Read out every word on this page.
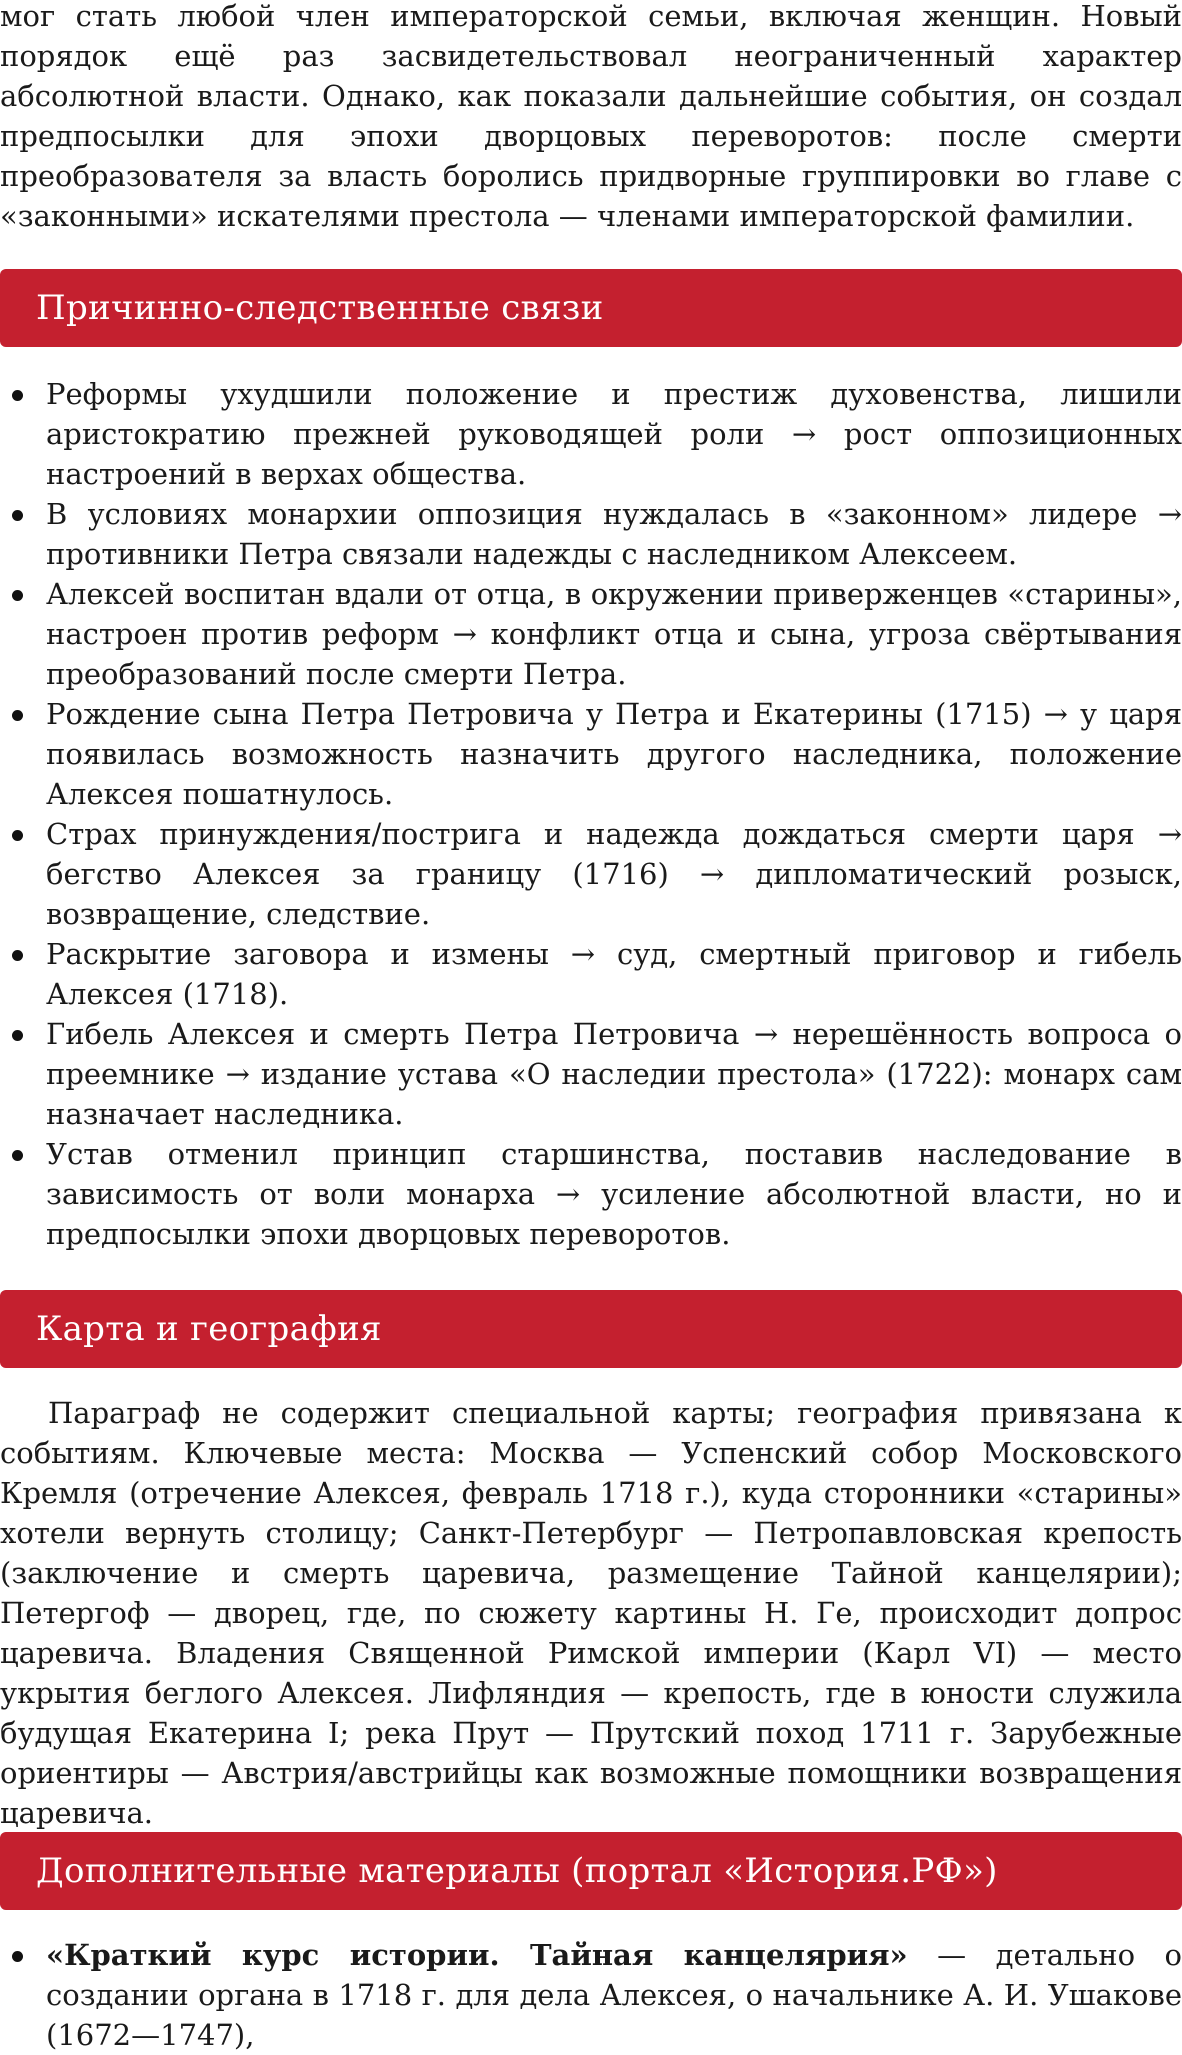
мог стать любой член императорской семьи, включая женщин. Новый порядок ещё раз засвидетельствовал неограниченный характер абсолютной власти. Однако, как показали дальнейшие события, он создал предпосылки для эпохи дворцовых переворотов: после смерти преобразователя за власть боролись придворные группировки во главе с «законными» искателями престола — членами императорской фамилии.

Причинно-следственные связи
Реформы ухудшили положение и престиж духовенства, лишили аристократию прежней руководящей роли → рост оппозиционных настроений в верхах общества.
В условиях монархии оппозиция нуждалась в «законном» лидере → противники Петра связали надежды с наследником Алексеем.
Алексей воспитан вдали от отца, в окружении приверженцев «старины», настроен против реформ → конфликт отца и сына, угроза свёртывания преобразований после смерти Петра.
Рождение сына Петра Петровича у Петра и Екатерины (1715) → у царя появилась возможность назначить другого наследника, положение Алексея пошатнулось.
Страх принуждения/пострига и надежда дождаться смерти царя → бегство Алексея за границу (1716) → дипломатический розыск, возвращение, следствие.
Раскрытие заговора и измены → суд, смертный приговор и гибель Алексея (1718).
Гибель Алексея и смерть Петра Петровича → нерешённость вопроса о преемнике → издание устава «О наследии престола» (1722): монарх сам назначает наследника.
Устав отменил принцип старшинства, поставив наследование в зависимость от воли монарха → усиление абсолютной власти, но и предпосылки эпохи дворцовых переворотов.
Карта и география

Параграф не содержит специальной карты; география привязана к событиям. Ключевые места: Москва — Успенский собор Московского Кремля (отречение Алексея, февраль 1718 г.), куда сторонники «старины» хотели вернуть столицу; Санкт-Петербург — Петропавловская крепость (заключение и смерть царевича, размещение Тайной канцелярии); Петергоф — дворец, где, по сюжету картины Н. Ге, происходит допрос царевича. Владения Священной Римской империи (Карл VI) — место укрытия беглого Алексея. Лифляндия — крепость, где в юности служила будущая Екатерина I; река Прут — Прутский поход 1711 г. Зарубежные ориентиры — Австрия/австрийцы как возможные помощники возвращения царевича.

Дополнительные материалы (портал «История.РФ»)
«Краткий курс истории. Тайная канцелярия» — детально о создании органа в 1718 г. для дела Алексея, о начальнике А. И. Ушакове (1672—1747),
